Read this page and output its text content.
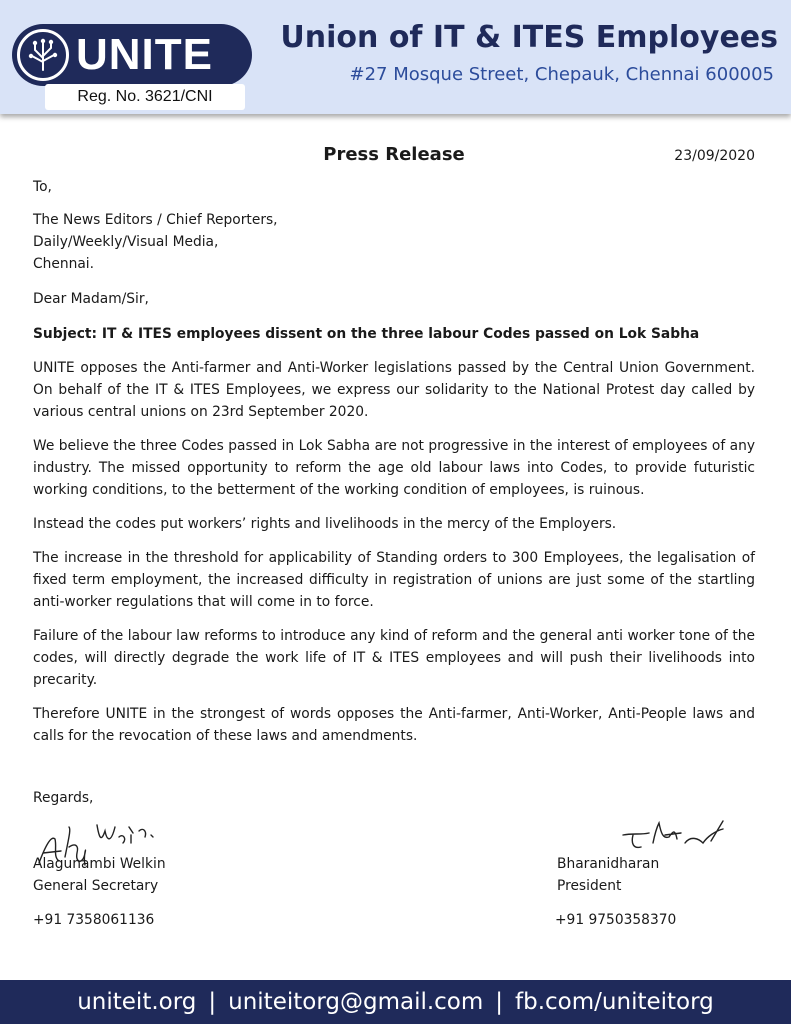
UNITE
Reg. No. 3621/CNI
Union of IT & ITES Employees
#27 Mosque Street, Chepauk, Chennai 600005
Press Release	23/09/2020

To,

The News Editors / Chief Reporters,

Daily/Weekly/Visual Media,

Chennai.

Dear Madam/Sir,

Subject: IT & ITES employees dissent on the three labour Codes passed on Lok Sabha

UNITE opposes the Anti-farmer and Anti-Worker legislations passed by the Central Union Government. On behalf of the IT & ITES Employees, we express our solidarity to the National Protest day called by various central unions on 23rd September 2020.

We believe the three Codes passed in Lok Sabha are not progressive in the interest of employees of any industry. The missed opportunity to reform the age old labour laws into Codes, to provide futuristic working conditions, to the betterment of the working condition of employees, is ruinous.

Instead the codes put workers’ rights and livelihoods in the mercy of the Employers.

The increase in the threshold for applicability of Standing orders to 300 Employees, the legalisation of fixed term employment, the increased difficulty in registration of unions are just some of the startling anti-worker regulations that will come in to force.

Failure of the labour law reforms to introduce any kind of reform and the general anti worker tone of the codes, will directly degrade the work life of IT & ITES employees and will push their livelihoods into precarity.

Therefore UNITE in the strongest of words opposes the Anti-farmer, Anti-Worker, Anti-People laws and calls for the revocation of these laws and amendments.

Regards,

Alagunambi Welkin
General Secretary
+91 7358061136
Bharanidharan
President
+91 9750358370
uniteit.org | uniteitorg@gmail.com | fb.com/uniteitorg
